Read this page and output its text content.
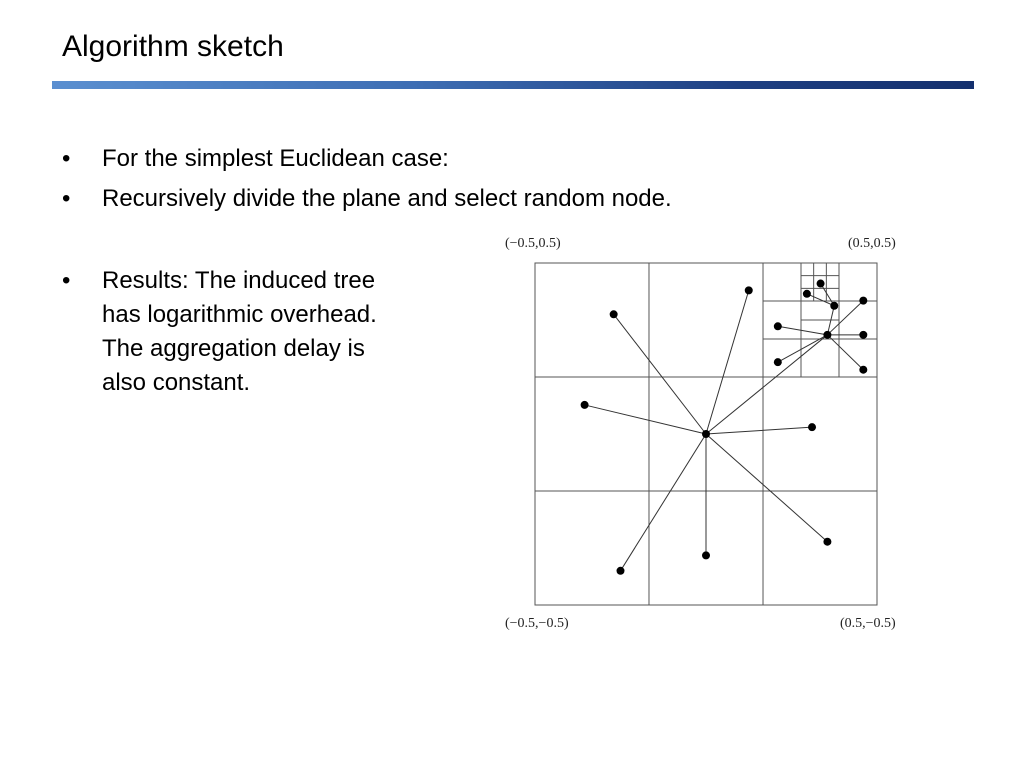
Algorithm sketch
• For the simplest Euclidean case:
• Recursively divide the plane and select random node.
• Results: The induced tree
has logarithmic overhead.
The aggregation delay is
also constant.
(−0.5,0.5)	(0.5,0.5)
(−0.5,−0.5)	(0.5,−0.5)
